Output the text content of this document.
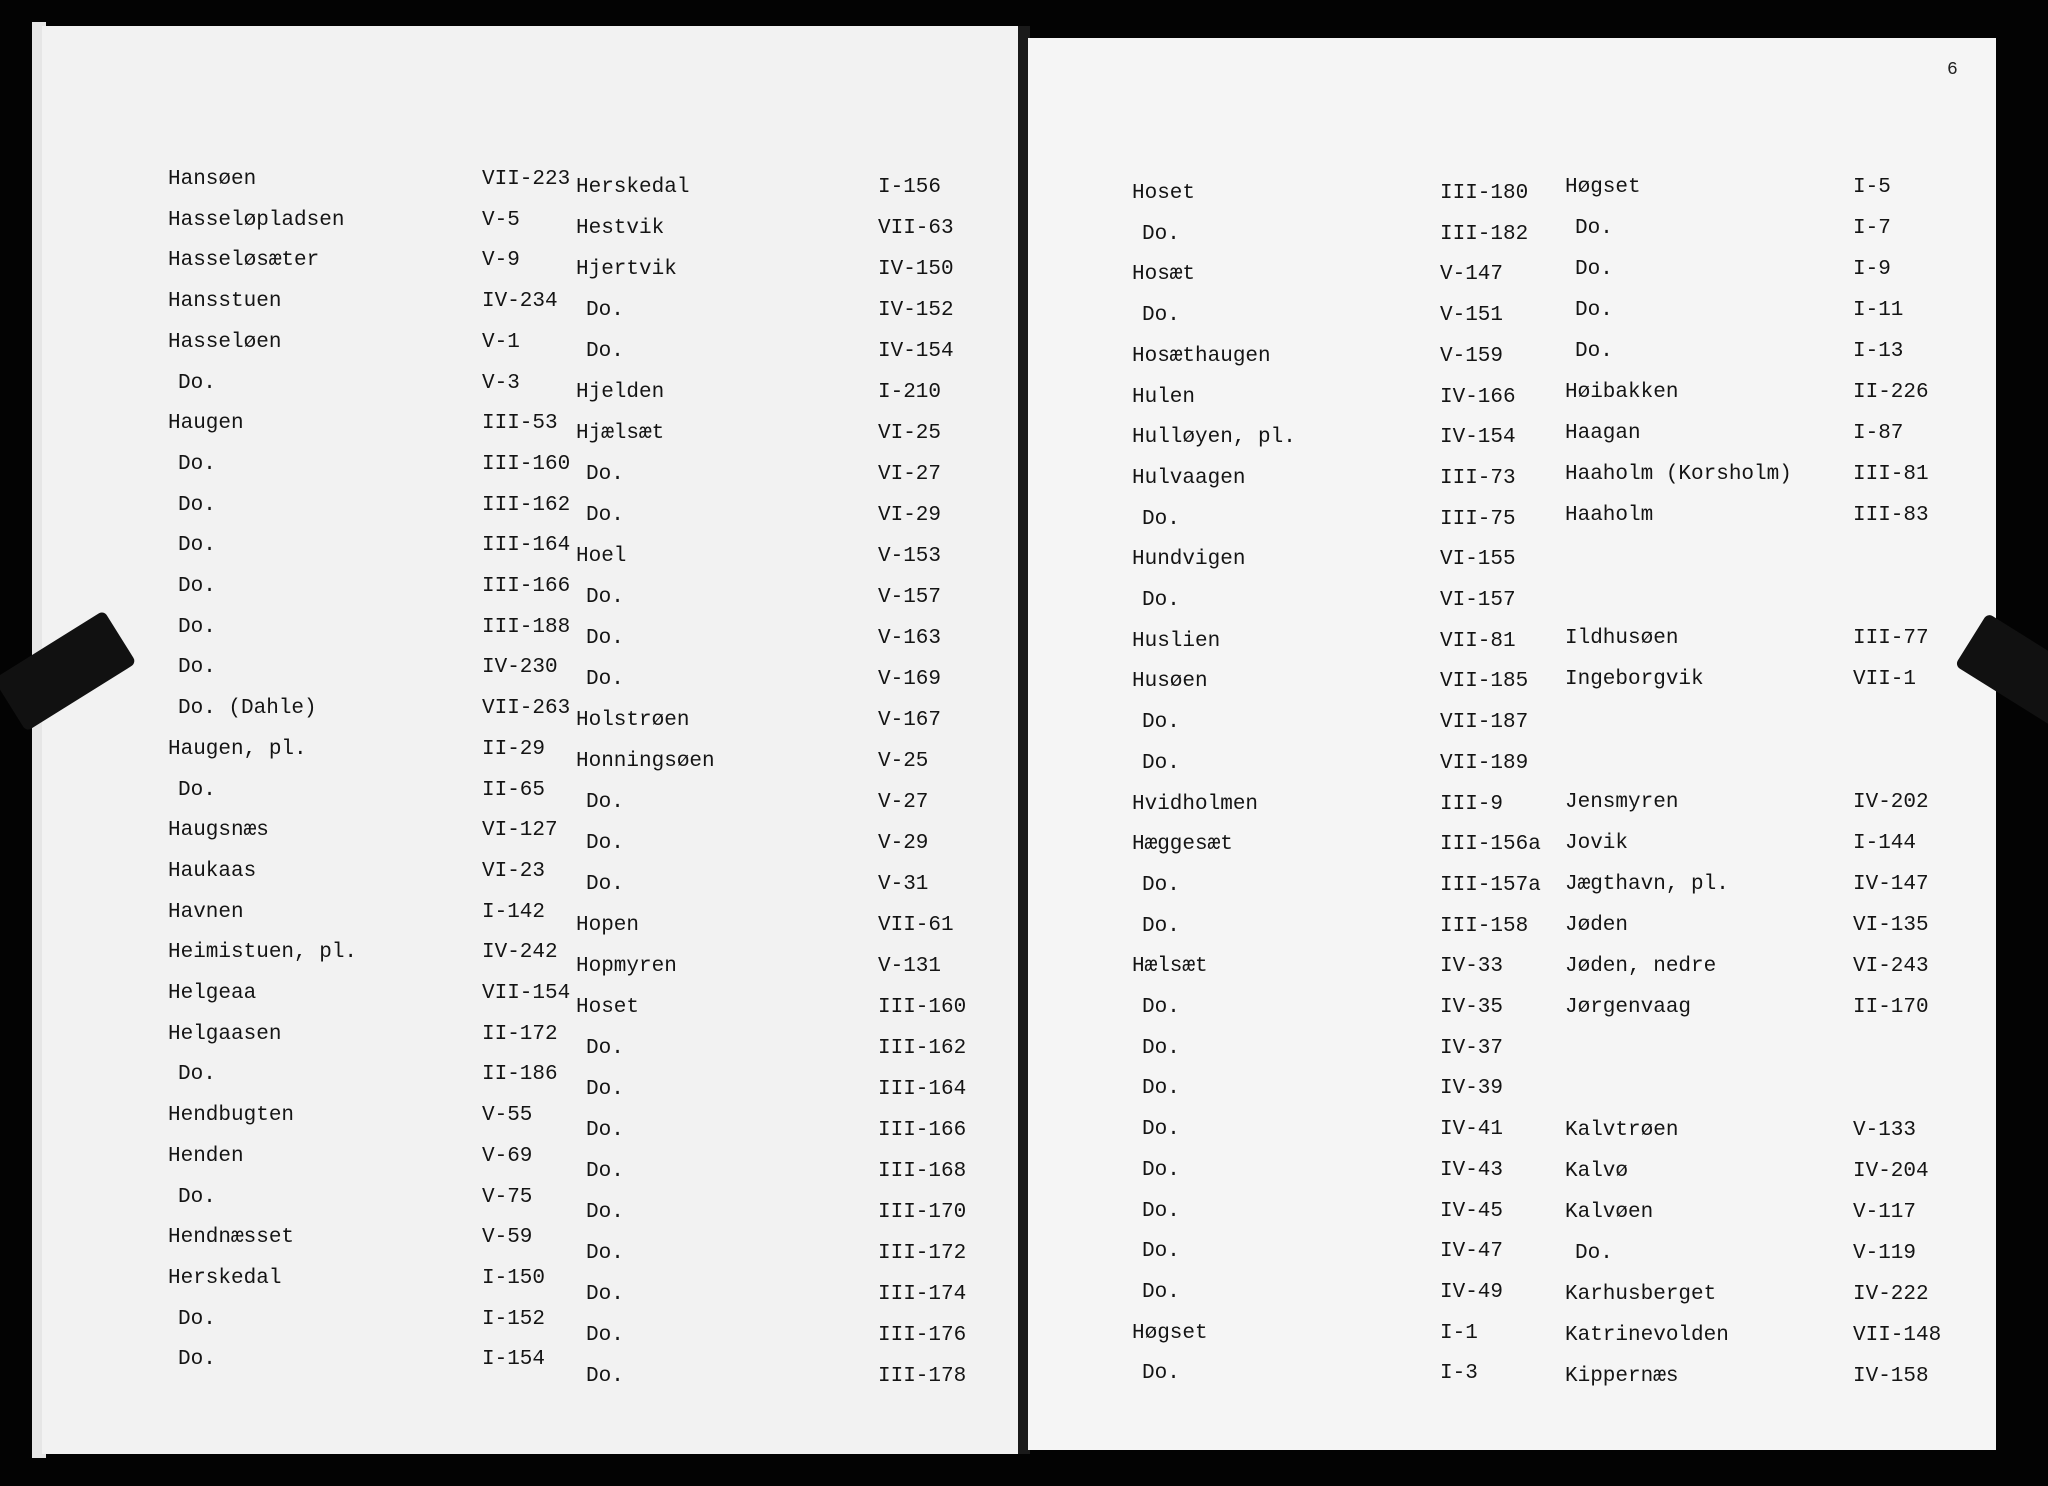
6
Hansøen	VII-223
Hasseløpladsen	V-5
Hasseløsæter	V-9
Hansstuen	IV-234
Hasseløen	V-1
Do.	V-3
Haugen	III-53
Do.	III-160
Do.	III-162
Do.	III-164
Do.	III-166
Do.	III-188
Do.	IV-230
Do. (Dahle)	VII-263
Haugen, pl.	II-29
Do.	II-65
Haugsnæs	VI-127
Haukaas	VI-23
Havnen	I-142
Heimistuen, pl.	IV-242
Helgeaa	VII-154
Helgaasen	II-172
Do.	II-186
Hendbugten	V-55
Henden	V-69
Do.	V-75
Hendnæsset	V-59
Herskedal	I-150
Do.	I-152
Do.	I-154
Herskedal	I-156
Hestvik	VII-63
Hjertvik	IV-150
Do.	IV-152
Do.	IV-154
Hjelden	I-210
Hjælsæt	VI-25
Do.	VI-27
Do.	VI-29
Hoel	V-153
Do.	V-157
Do.	V-163
Do.	V-169
Holstrøen	V-167
Honningsøen	V-25
Do.	V-27
Do.	V-29
Do.	V-31
Hopen	VII-61
Hopmyren	V-131
Hoset	III-160
Do.	III-162
Do.	III-164
Do.	III-166
Do.	III-168
Do.	III-170
Do.	III-172
Do.	III-174
Do.	III-176
Do.	III-178
Hoset	III-180
Do.	III-182
Hosæt	V-147
Do.	V-151
Hosæthaugen	V-159
Hulen	IV-166
Hulløyen, pl.	IV-154
Hulvaagen	III-73
Do.	III-75
Hundvigen	VI-155
Do.	VI-157
Huslien	VII-81
Husøen	VII-185
Do.	VII-187
Do.	VII-189
Hvidholmen	III-9
Hæggesæt	III-156a
Do.	III-157a
Do.	III-158
Hælsæt	IV-33
Do.	IV-35
Do.	IV-37
Do.	IV-39
Do.	IV-41
Do.	IV-43
Do.	IV-45
Do.	IV-47
Do.	IV-49
Høgset	I-1
Do.	I-3
Høgset	I-5
Do.	I-7
Do.	I-9
Do.	I-11
Do.	I-13
Høibakken	II-226
Haagan	I-87
Haaholm (Korsholm)	III-81
Haaholm	III-83
Ildhusøen	III-77
Ingeborgvik	VII-1
Jensmyren	IV-202
Jovik	I-144
Jægthavn, pl.	IV-147
Jøden	VI-135
Jøden, nedre	VI-243
Jørgenvaag	II-170
Kalvtrøen	V-133
Kalvø	IV-204
Kalvøen	V-117
Do.	V-119
Karhusberget	IV-222
Katrinevolden	VII-148
Kippernæs	IV-158
